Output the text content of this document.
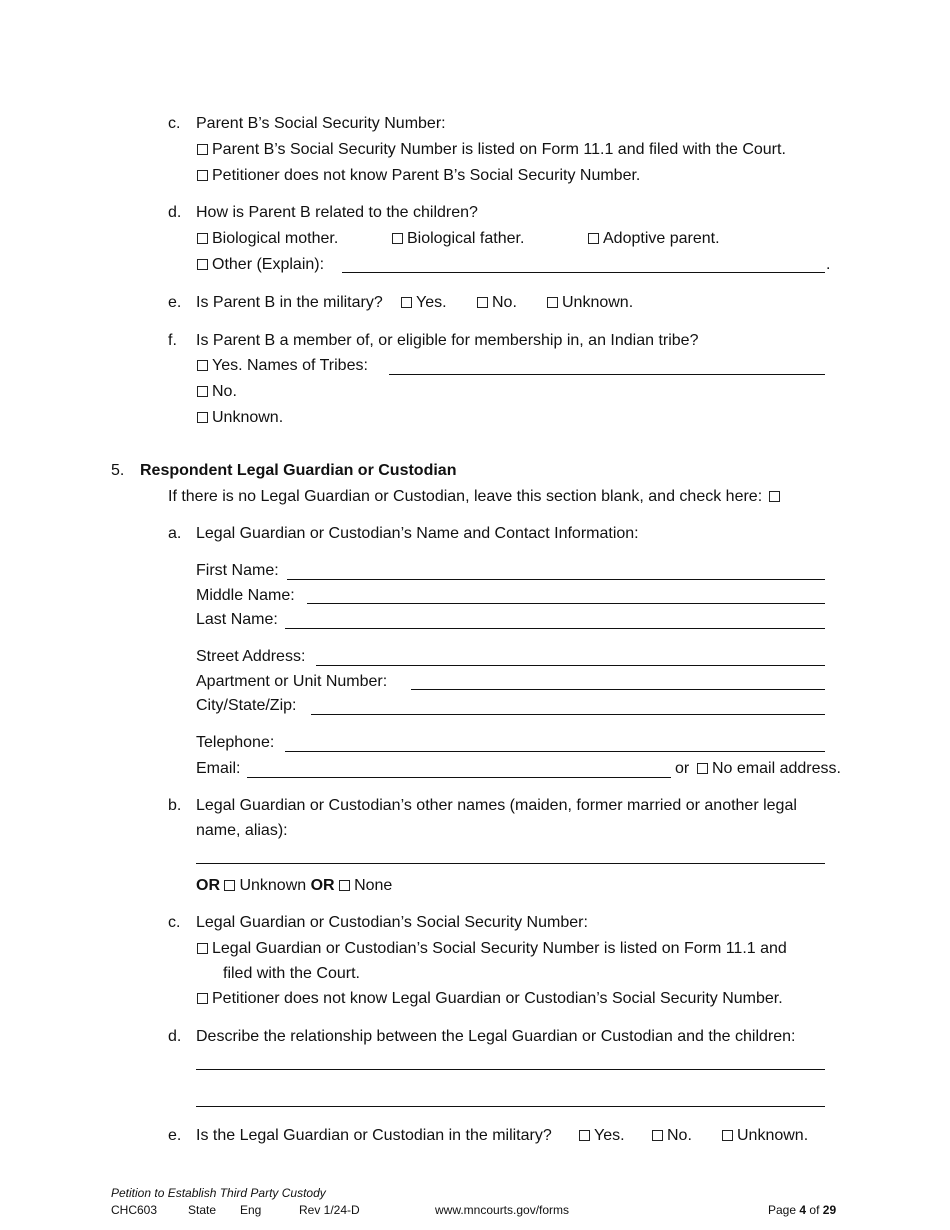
c. Parent B’s Social Security Number:
Parent B’s Social Security Number is listed on Form 11.1 and filed with the Court.
Petitioner does not know Parent B’s Social Security Number.
d. How is Parent B related to the children?
Biological mother.	Biological father.	Adoptive parent.
Other (Explain):	.
e. Is Parent B in the military?	Yes.	No.	Unknown.
f. Is Parent B a member of, or eligible for membership in, an Indian tribe?
Yes. Names of Tribes:
No.
Unknown.
5. Respondent Legal Guardian or Custodian
If there is no Legal Guardian or Custodian, leave this section blank, and check here:
a. Legal Guardian or Custodian’s Name and Contact Information:
First Name:
Middle Name:
Last Name:
Street Address:
Apartment or Unit Number:
City/State/Zip:
Telephone:
Email:	or	No email address.
b. Legal Guardian or Custodian’s other names (maiden, former married or another legal
name, alias):
OR Unknown OR None
c. Legal Guardian or Custodian’s Social Security Number:
Legal Guardian or Custodian’s Social Security Number is listed on Form 11.1 and
filed with the Court.
Petitioner does not know Legal Guardian or Custodian’s Social Security Number.
d. Describe the relationship between the Legal Guardian or Custodian and the children:
e. Is the Legal Guardian or Custodian in the military?	Yes.	No.	Unknown.
Petition to Establish Third Party Custody
CHC603	State Eng	Rev 1/24-D	www.mncourts.gov/forms	Page 4 of 29
